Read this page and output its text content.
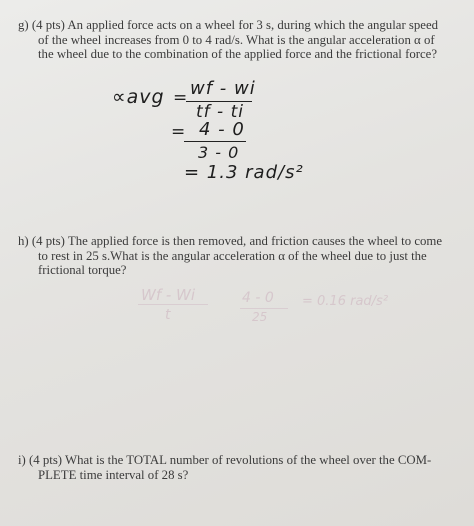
g) (4 pts) An applied force acts on a wheel for 3 s, during which the angular speed
of the wheel increases from 0 to 4 rad/s. What is the angular acceleration α of
the wheel due to the combination of the applied force and the frictional force?
∝avg = wf - wi
tf - ti
= 4 - 0
3 - 0
= 1.3 rad/s²
h) (4 pts) The applied force is then removed, and friction causes the wheel to come
to rest in 25 s.What is the angular acceleration α of the wheel due to just the
frictional torque?
Wf - Wi
t
4 - 0
25
= 0.16 rad/s²
i) (4 pts) What is the TOTAL number of revolutions of the wheel over the COM-
PLETE time interval of 28 s?
